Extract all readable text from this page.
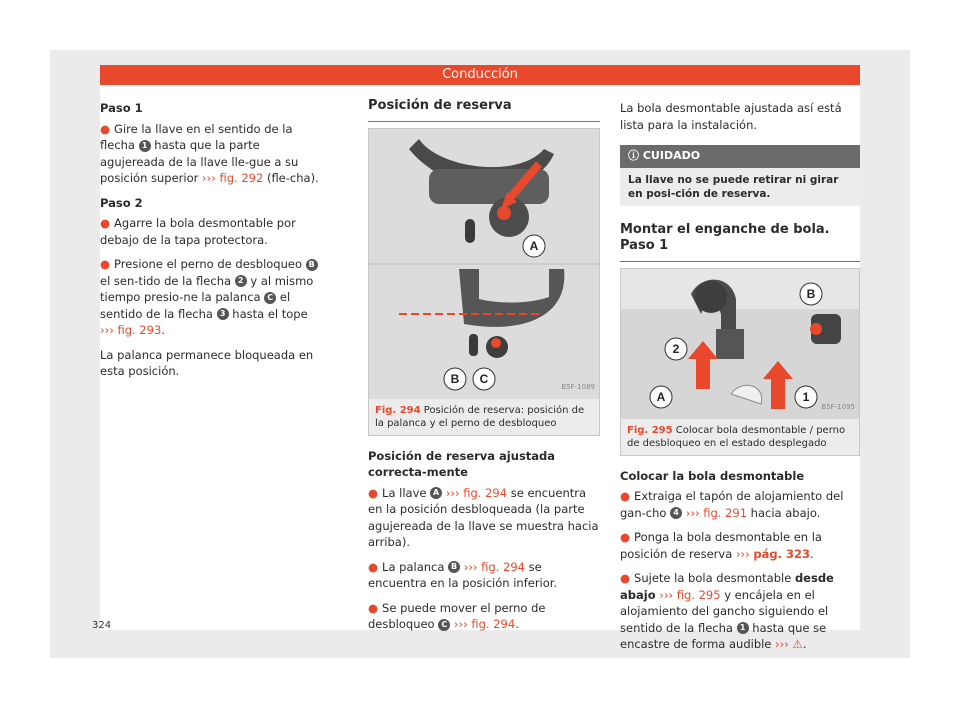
Conducción

Paso 1

● Gire la llave en el sentido de la flecha 1 hasta que la parte agujereada de la llave lle-gue a su posición superior ››› fig. 292 (fle-cha).

Paso 2

● Agarre la bola desmontable por debajo de la tapa protectora.

● Presione el perno de desbloqueo B el sen-tido de la flecha 2 y al mismo tiempo presio-ne la palanca C el sentido de la flecha 3 hasta el tope ››› fig. 293.

La palanca permanece bloqueada en esta posición.

Posición de reserva
A
B C
B5F-1089
Fig. 294 Posición de reserva: posición de la palanca y el perno de desbloqueo

Posición de reserva ajustada correcta-mente

● La llave A ››› fig. 294 se encuentra en la posición desbloqueada (la parte agujereada de la llave se muestra hacia arriba).

● La palanca B ››› fig. 294 se encuentra en la posición inferior.

● Se puede mover el perno de desbloqueo C ››› fig. 294.

La bola desmontable ajustada así está lista para la instalación.

ⓘ CUIDADO
La llave no se puede retirar ni girar en posi-ción de reserva.
Montar el enganche de bola. Paso 1
B
2
A	1
B5F-1095
Fig. 295 Colocar bola desmontable / perno de desbloqueo en el estado desplegado

Colocar la bola desmontable

● Extraiga el tapón de alojamiento del gan-cho 4 ››› fig. 291 hacia abajo.

● Ponga la bola desmontable en la posición de reserva ››› pág. 323.

● Sujete la bola desmontable desde abajo ››› fig. 295 y encájela en el alojamiento del gancho siguiendo el sentido de la flecha 1 hasta que se encastre de forma audible ››› ⚠.

324
